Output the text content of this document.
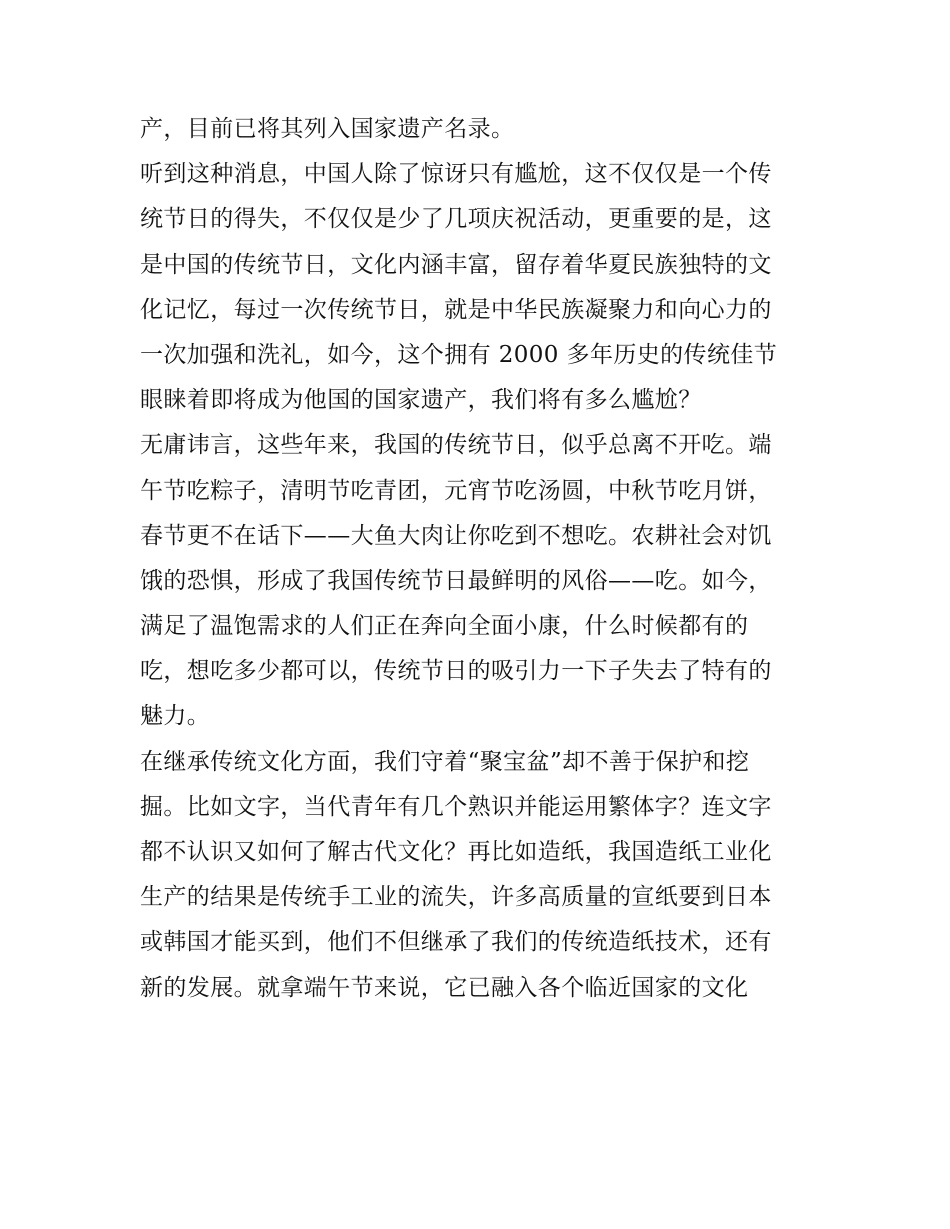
产，目前已将其列入国家遗产名录。
听到这种消息，中国人除了惊讶只有尴尬，这不仅仅是一个传
统节日的得失，不仅仅是少了几项庆祝活动，更重要的是，这
是中国的传统节日，文化内涵丰富，留存着华夏民族独特的文
化记忆，每过一次传统节日，就是中华民族凝聚力和向心力的
一次加强和洗礼，如今，这个拥有 2000 多年历史的传统佳节
眼睐着即将成为他国的国家遗产，我们将有多么尴尬？
无庸讳言，这些年来，我国的传统节日，似乎总离不开吃。端
午节吃粽子，清明节吃青团，元宵节吃汤圆，中秋节吃月饼，
春节更不在话下——大鱼大肉让你吃到不想吃。农耕社会对饥
饿的恐惧，形成了我国传统节日最鲜明的风俗——吃。如今，
满足了温饱需求的人们正在奔向全面小康，什么时候都有的
吃，想吃多少都可以，传统节日的吸引力一下子失去了特有的
魅力。
在继承传统文化方面，我们守着“聚宝盆”却不善于保护和挖
掘。比如文字，当代青年有几个熟识并能运用繁体字？连文字
都不认识又如何了解古代文化？再比如造纸，我国造纸工业化
生产的结果是传统手工业的流失，许多高质量的宣纸要到日本
或韩国才能买到，他们不但继承了我们的传统造纸技术，还有
新的发展。就拿端午节来说，它已融入各个临近国家的文化
